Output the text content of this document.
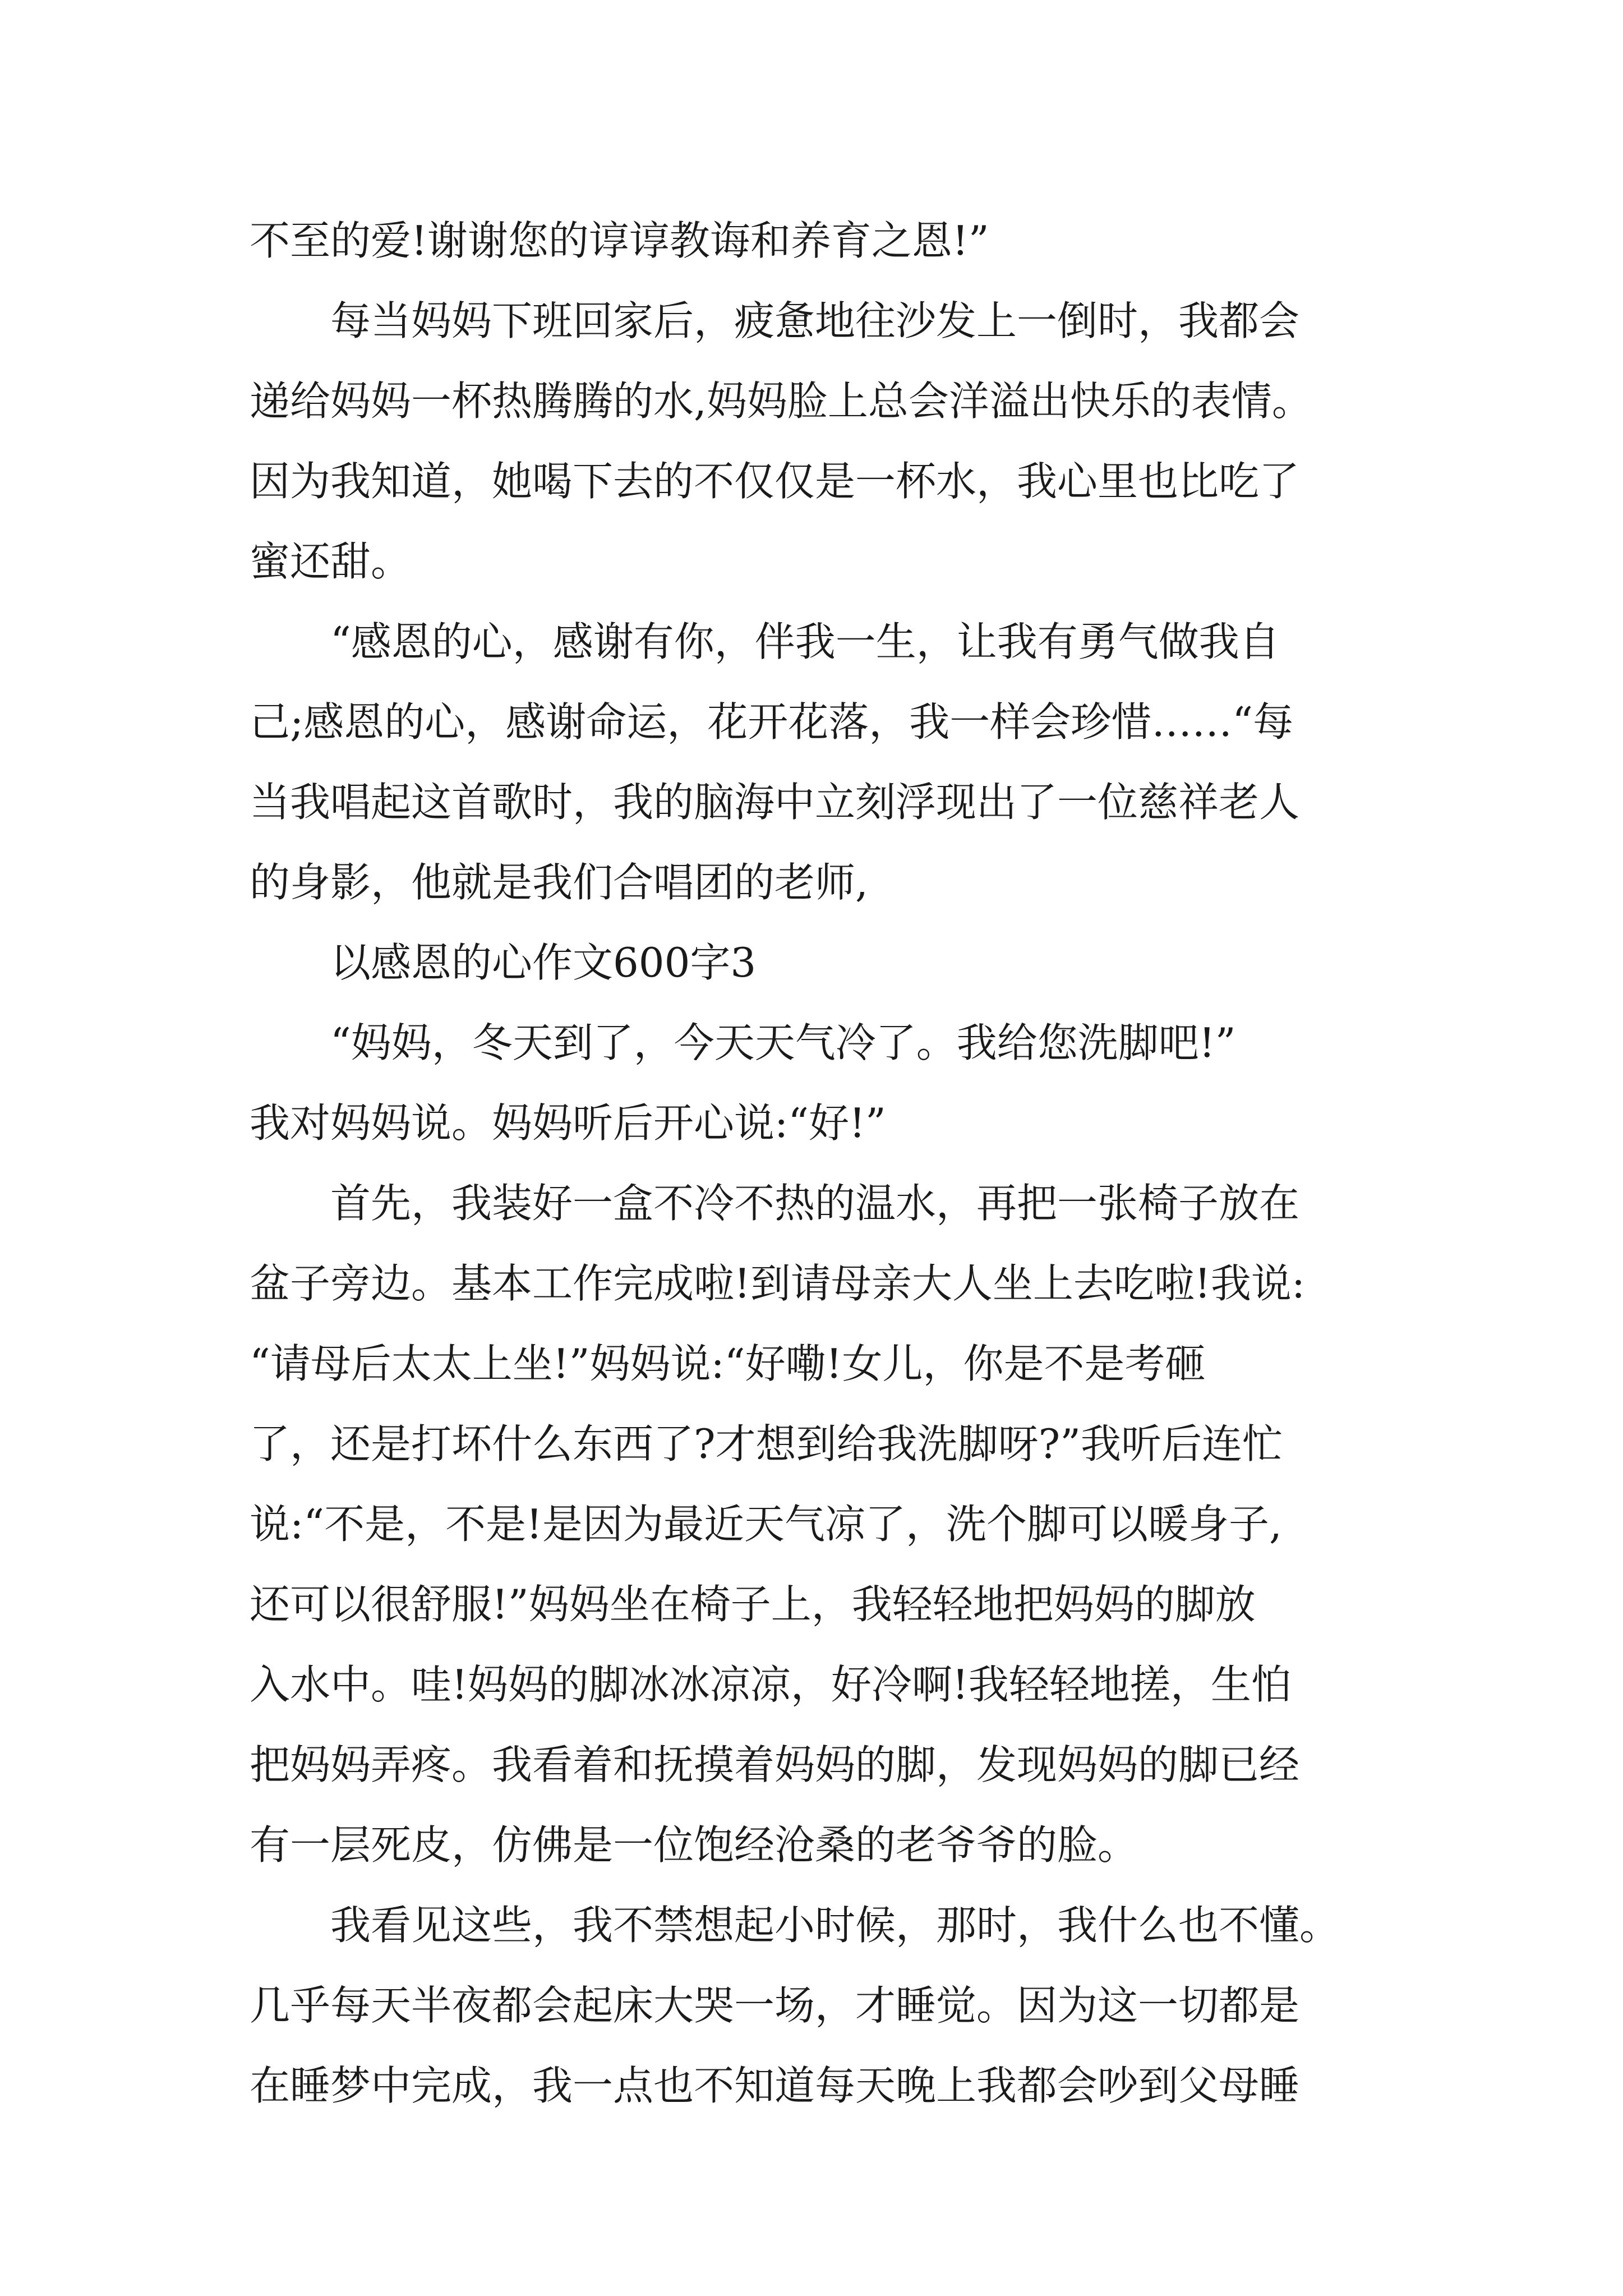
不至的爱!谢谢您的谆谆教诲和养育之恩!”
每当妈妈下班回家后，疲惫地往沙发上一倒时，我都会
递给妈妈一杯热腾腾的水,妈妈脸上总会洋溢出快乐的表情。
因为我知道，她喝下去的不仅仅是一杯水，我心里也比吃了
蜜还甜。
“感恩的心，感谢有你，伴我一生，让我有勇气做我自
己;感恩的心，感谢命运，花开花落，我一样会珍惜……“每
当我唱起这首歌时，我的脑海中立刻浮现出了一位慈祥老人
的身影，他就是我们合唱团的老师,
以感恩的心作文600字3
“妈妈，冬天到了，今天天气冷了。我给您洗脚吧!”
我对妈妈说。妈妈听后开心说:“好!”
首先，我装好一盒不冷不热的温水，再把一张椅子放在
盆子旁边。基本工作完成啦!到请母亲大人坐上去吃啦!我说:
“请母后太太上坐!”妈妈说:“好嘞!女儿，你是不是考砸
了，还是打坏什么东西了?才想到给我洗脚呀?”我听后连忙
说:“不是，不是!是因为最近天气凉了，洗个脚可以暖身子,
还可以很舒服!”妈妈坐在椅子上，我轻轻地把妈妈的脚放
入水中。哇!妈妈的脚冰冰凉凉，好冷啊!我轻轻地搓，生怕
把妈妈弄疼。我看着和抚摸着妈妈的脚，发现妈妈的脚已经
有一层死皮，仿佛是一位饱经沧桑的老爷爷的脸。
我看见这些，我不禁想起小时候，那时，我什么也不懂。
几乎每天半夜都会起床大哭一场，才睡觉。因为这一切都是
在睡梦中完成，我一点也不知道每天晚上我都会吵到父母睡
